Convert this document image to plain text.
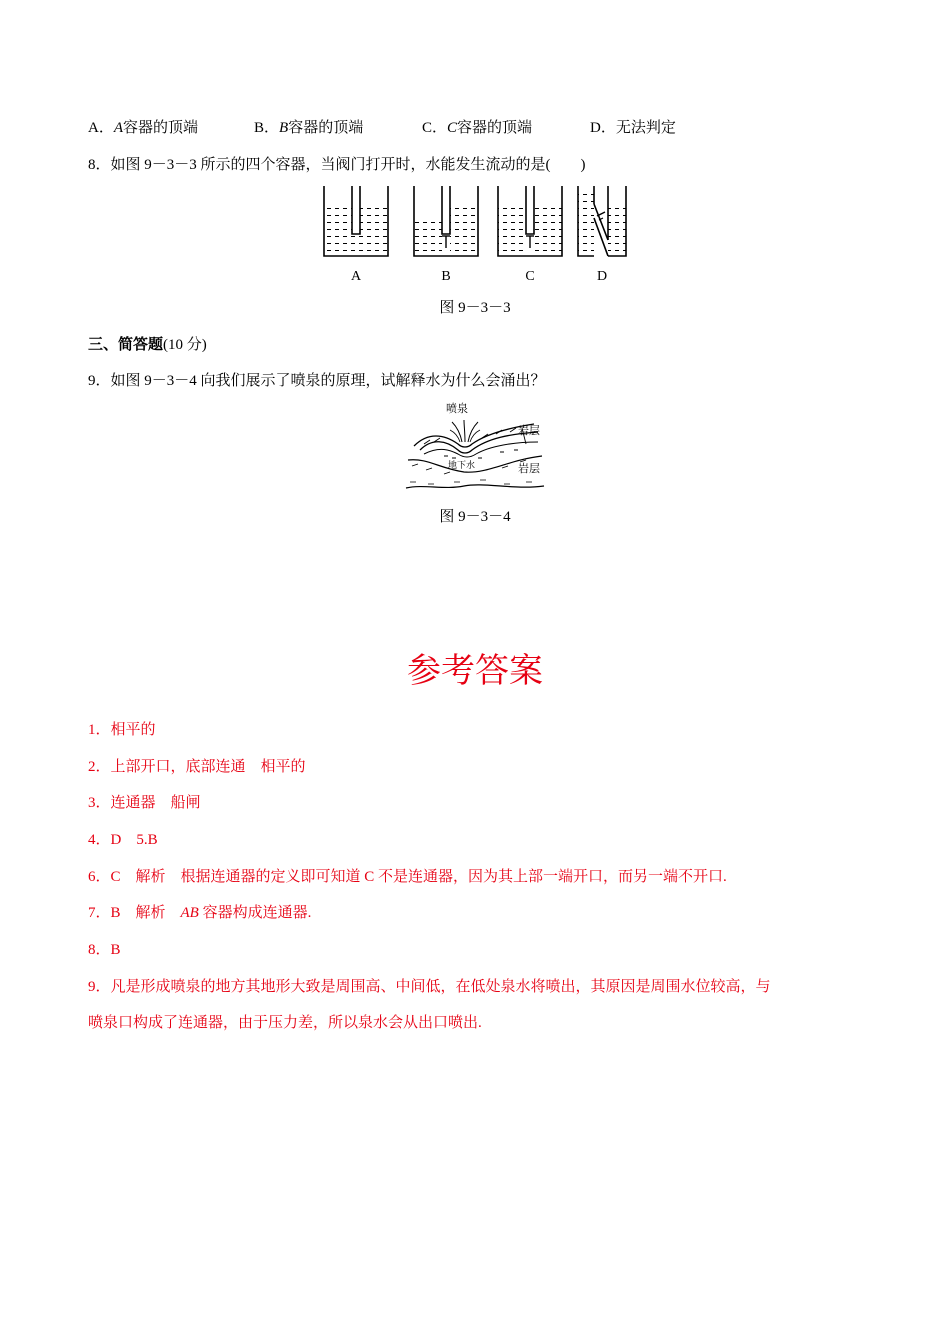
A．A容器的顶端	B．B容器的顶端	C．C容器的顶端	D．无法判定
8．如图 9－3－3 所示的四个容器，当阀门打开时，水能发生流动的是(　　)
A	B	C	D
图 9－3－3
三、简答题(10 分)
9．如图 9－3－4 向我们展示了喷泉的原理，试解释水为什么会涌出？
喷泉
岩层
地下水	岩层
图 9－3－4
参考答案
1．相平的
2．上部开口，底部连通　相平的
3．连通器　船闸
4．D　5.B
6．C　解析　根据连通器的定义即可知道 C 不是连通器，因为其上部一端开口，而另一端不开口.
7．B　解析　AB 容器构成连通器.
8．B
9．凡是形成喷泉的地方其地形大致是周围高、中间低，在低处泉水将喷出，其原因是周围水位较高，与
喷泉口构成了连通器，由于压力差，所以泉水会从出口喷出.
